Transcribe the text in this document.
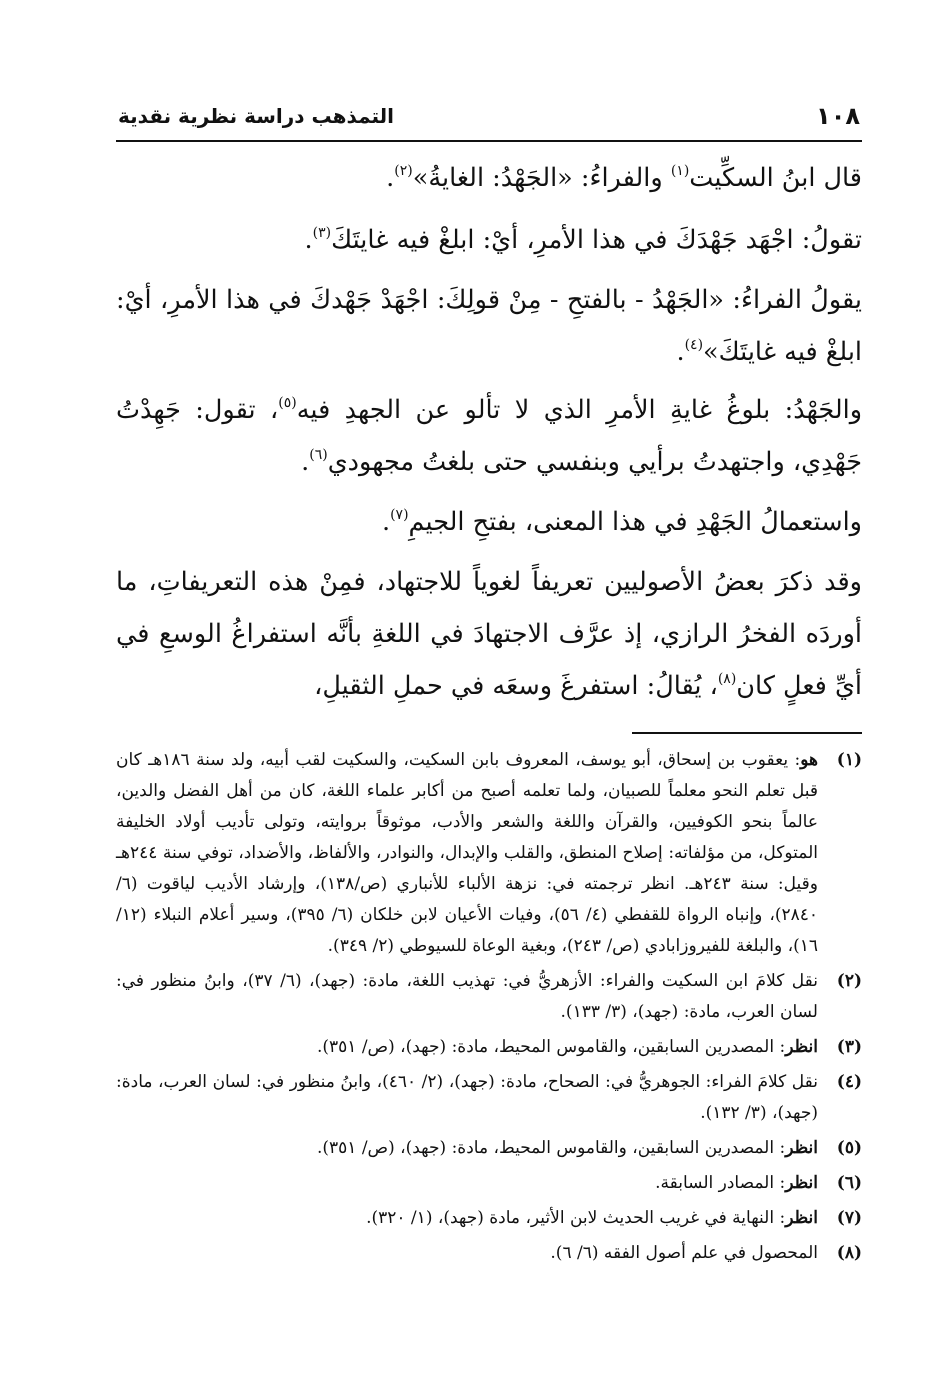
١٠٨
التمذهب دراسة نظرية نقدية

قال ابنُ السكِّيت$^{(١)}$ والفراءُ: «الجَهْدُ: الغايةُ»$^{(٢)}$.

تقولُ: اجْهَد جَهْدَكَ في هذا الأمرِ، أيْ: ابلغْ فيه غايتَكَ$^{(٣)}$.

يقولُ الفراءُ: «الجَهْدُ - بالفتحِ - مِنْ قولِكَ: اجْهَدْ جَهْدكَ في هذا الأمرِ، أيْ: ابلغْ فيه غايتَكَ»$^{(٤)}$.

والجَهْدُ: بلوغُ غايةِ الأمرِ الذي لا تألو عن الجهدِ فيه$^{(٥)}$، تقول: جَهِدْتُ جَهْدِي، واجتهدتُ برأيي وبنفسي حتى بلغتُ مجهودي$^{(٦)}$.

واستعمالُ الجَهْدِ في هذا المعنى، بفتحِ الجيمِ$^{(٧)}$.

وقد ذكرَ بعضُ الأصوليين تعريفاً لغوياً للاجتهاد، فمِنْ هذه التعريفاتِ، ما أوردَه الفخرُ الرازي، إذ عرَّف الاجتهادَ في اللغةِ بأنَّه استفراغُ الوسعِ في أيِّ فعلٍ كان$^{(٨)}$، يُقالُ: استفرغَ وسعَه في حملِ الثقيلِ،

(١)
هو: يعقوب بن إسحاق، أبو يوسف، المعروف بابن السكيت، والسكيت لقب أبيه، ولد سنة ١٨٦هـ كان قبل تعلم النحو معلماً للصبيان، ولما تعلمه أصبح من أكابر علماء اللغة، كان من أهل الفضل والدين، عالماً بنحو الكوفيين، والقرآن واللغة والشعر والأدب، موثوقاً بروايته، وتولى تأديب أولاد الخليفة المتوكل، من مؤلفاته: إصلاح المنطق، والقلب والإبدال، والنوادر، والألفاظ، والأضداد، توفي سنة ٢٤٤هـ وقيل: سنة ٢٤٣هـ. انظر ترجمته في: نزهة الألباء للأنباري (ص/١٣٨)، وإرشاد الأديب لياقوت (٦/ ٢٨٤٠)، وإنباه الرواة للقفطي (٤/ ٥٦)، وفيات الأعيان لابن خلكان (٦/ ٣٩٥)، وسير أعلام النبلاء (١٢/ ١٦)، والبلغة للفيروزابادي (ص/ ٢٤٣)، وبغية الوعاة للسيوطي (٢/ ٣٤٩).
(٢)
نقل كلامَ ابن السكيت والفراء: الأزهريُّ في: تهذيب اللغة، مادة: (جهد)، (٦/ ٣٧)، وابنُ منظور في: لسان العرب، مادة: (جهد)، (٣/ ١٣٣).
(٣)
انظر: المصدرين السابقين، والقاموس المحيط، مادة: (جهد)، (ص/ ٣٥١).
(٤)
نقل كلامَ الفراء: الجوهريُّ في: الصحاح، مادة: (جهد)، (٢/ ٤٦٠)، وابنُ منظور في: لسان العرب، مادة: (جهد)، (٣/ ١٣٢).
(٥)
انظر: المصدرين السابقين، والقاموس المحيط، مادة: (جهد)، (ص/ ٣٥١).
(٦)
انظر: المصادر السابقة.
(٧)
انظر: النهاية في غريب الحديث لابن الأثير، مادة (جهد)، (١/ ٣٢٠).
(٨)
المحصول في علم أصول الفقه (٦/ ٦).
